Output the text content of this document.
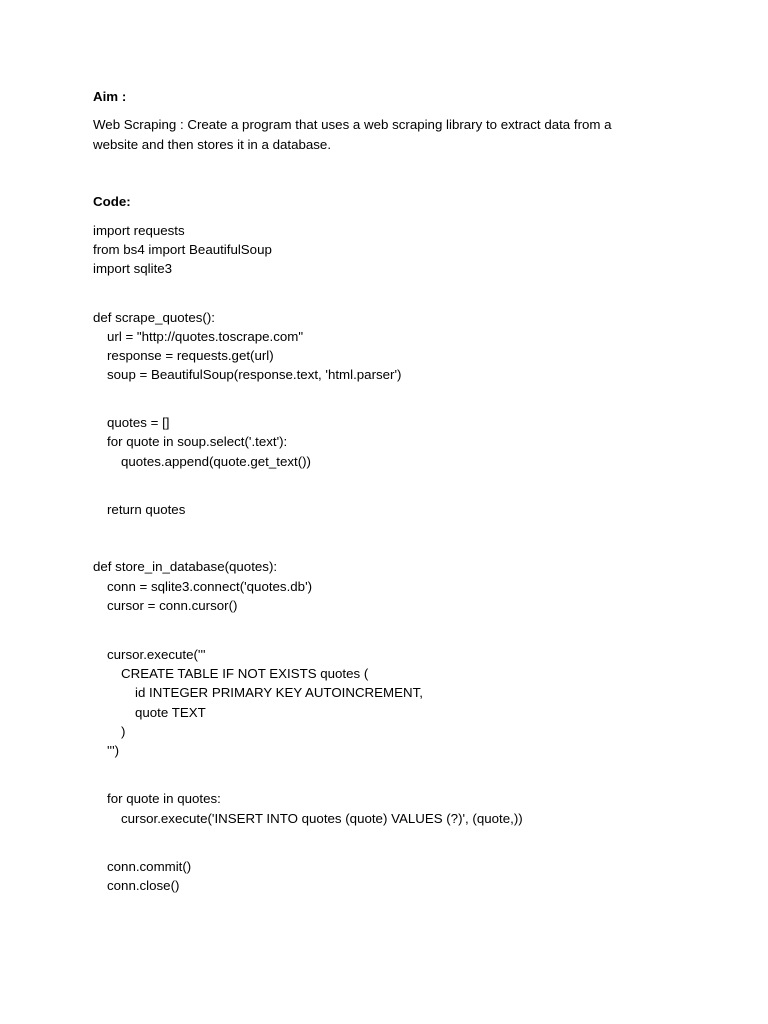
Aim :
Web Scraping : Create a program that uses a web scraping library to extract data from a
website and then stores it in a database.
Code:
import requests
from bs4 import BeautifulSoup
import sqlite3
def scrape_quotes():
url = "http://quotes.toscrape.com"
response = requests.get(url)
soup = BeautifulSoup(response.text, 'html.parser')
quotes = []
for quote in soup.select('.text'):
quotes.append(quote.get_text())
return quotes
def store_in_database(quotes):
conn = sqlite3.connect('quotes.db')
cursor = conn.cursor()
cursor.execute('''
CREATE TABLE IF NOT EXISTS quotes (
id INTEGER PRIMARY KEY AUTOINCREMENT,
quote TEXT
)
''')
for quote in quotes:
cursor.execute('INSERT INTO quotes (quote) VALUES (?)', (quote,))
conn.commit()
conn.close()
